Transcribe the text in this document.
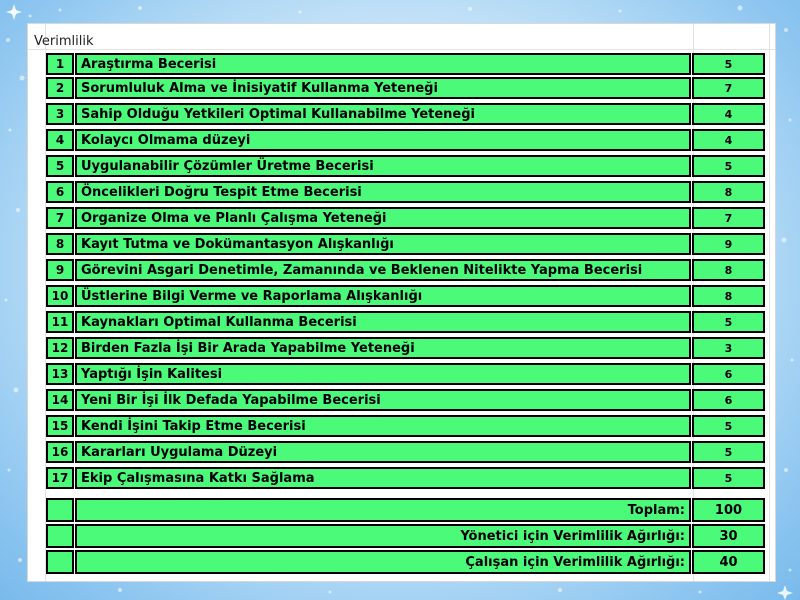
Verimlilik
1	Araştırma Becerisi	5
2	Sorumluluk Alma ve İnisiyatif Kullanma Yeteneği	7
3	Sahip Olduğu Yetkileri Optimal Kullanabilme Yeteneği	4
4	Kolaycı Olmama düzeyi	4
5	Uygulanabilir Çözümler Üretme Becerisi	5
6	Öncelikleri Doğru Tespit Etme Becerisi	8
7	Organize Olma ve Planlı Çalışma Yeteneği	7
8	Kayıt Tutma ve Dokümantasyon Alışkanlığı	9
9	Görevini Asgari Denetimle, Zamanında ve Beklenen Nitelikte Yapma Becerisi	8
10 Üstlerine Bilgi Verme ve Raporlama Alışkanlığı	8
11 Kaynakları Optimal Kullanma Becerisi	5
12 Birden Fazla İşi Bir Arada Yapabilme Yeteneği	3
13 Yaptığı İşin Kalitesi	6
14 Yeni Bir İşi İlk Defada Yapabilme Becerisi	6
15 Kendi İşini Takip Etme Becerisi	5
16 Kararları Uygulama Düzeyi	5
17 Ekip Çalışmasına Katkı Sağlama	5
Toplam:	100
Yönetici için Verimlilik Ağırlığı:	30
Çalışan için Verimlilik Ağırlığı:	40
